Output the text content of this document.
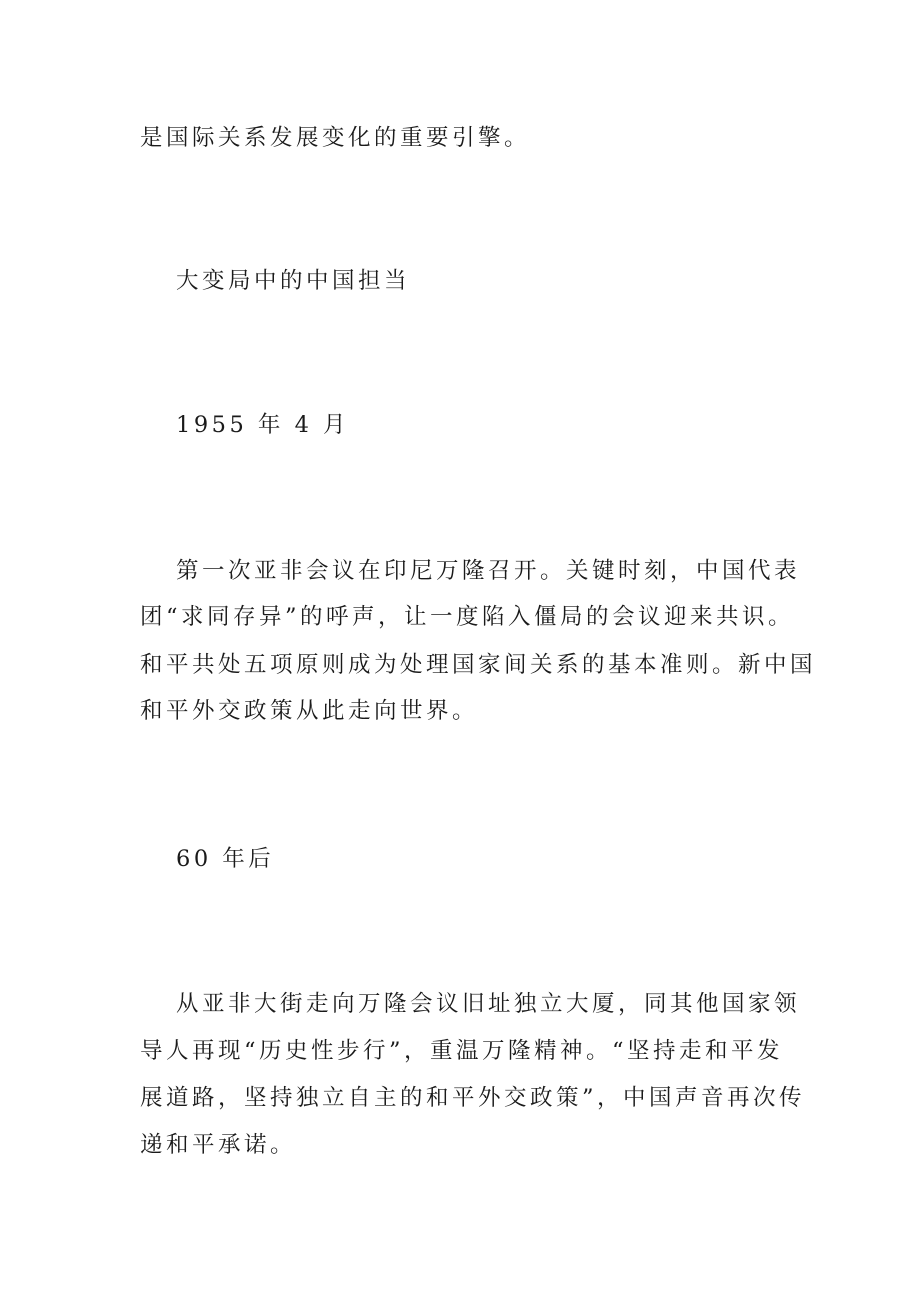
是国际关系发展变化的重要引擎。
大变局中的中国担当
1955 年 4 月
第一次亚非会议在印尼万隆召开。关键时刻，中国代表
团“求同存异”的呼声，让一度陷入僵局的会议迎来共识。
和平共处五项原则成为处理国家间关系的基本准则。新中国
和平外交政策从此走向世界。
60 年后
从亚非大街走向万隆会议旧址独立大厦，同其他国家领
导人再现“历史性步行”，重温万隆精神。“坚持走和平发
展道路，坚持独立自主的和平外交政策”，中国声音再次传
递和平承诺。
